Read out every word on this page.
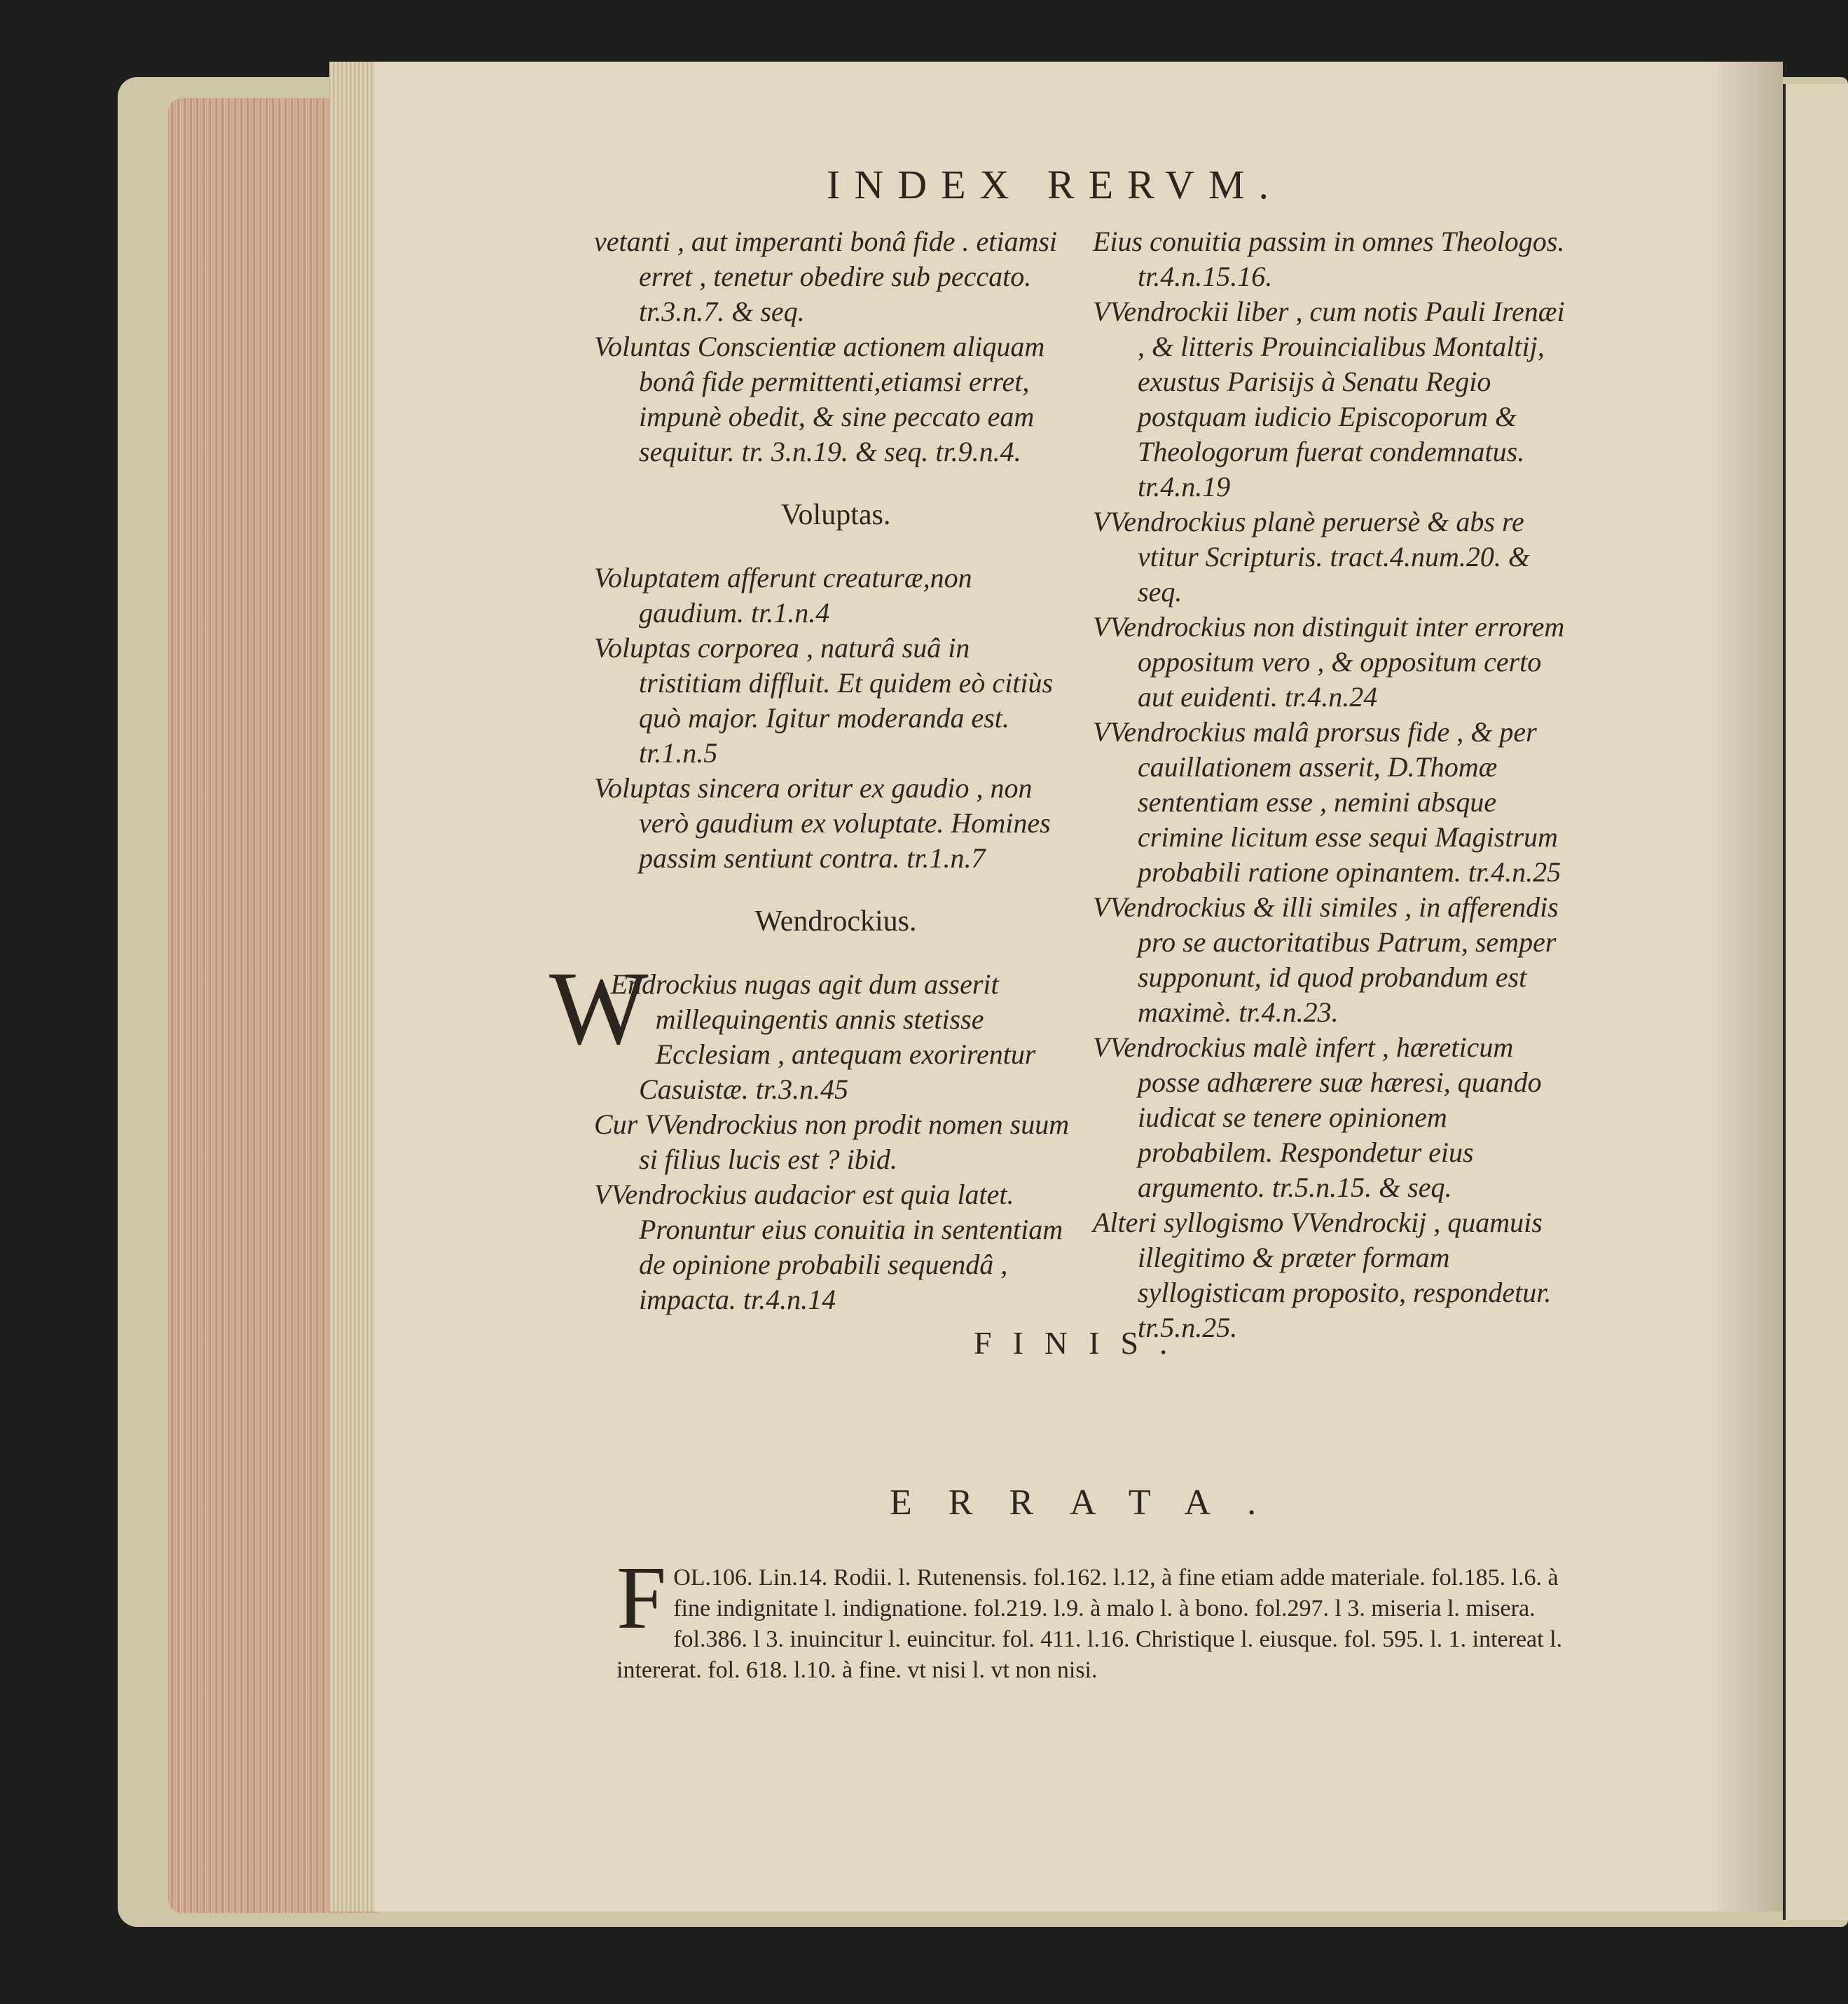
INDEX RERVM.

vetanti , aut imperanti bonâ fide . etiamsi erret , tenetur obedire sub peccato. tr.3.n.7. & seq.

Voluntas Conscientiæ actionem aliquam bonâ fide permittenti,etiamsi erret, impunè obedit, & sine peccato eam sequitur. tr. 3.n.19. & seq. tr.9.n.4.

Voluptas.

Voluptatem afferunt creaturæ,non gaudium. tr.1.n.4

Voluptas corporea , naturâ suâ in tristitiam diffluit. Et quidem eò citiùs quò major. Igitur moderanda est. tr.1.n.5

Voluptas sincera oritur ex gaudio , non verò gaudium ex voluptate. Homines passim sentiunt contra. tr.1.n.7

Wendrockius.

W
Endrockius nugas agit dum asserit millequingentis annis stetisse Ecclesiam , antequam exorirentur Casuistæ. tr.3.n.45

Cur VVendrockius non prodit nomen suum si filius lucis est ? ibid.

VVendrockius audacior est quia latet. Pronuntur eius conuitia in sententiam de opinione probabili sequendâ , impacta. tr.4.n.14

Eius conuitia passim in omnes Theologos. tr.4.n.15.16.

VVendrockii liber , cum notis Pauli Irenæi , & litteris Prouincialibus Montaltij, exustus Parisijs à Senatu Regio postquam iudicio Episcoporum & Theologorum fuerat condemnatus. tr.4.n.19

VVendrockius planè peruersè & abs re vtitur Scripturis. tract.4.num.20. & seq.

VVendrockius non distinguit inter errorem oppositum vero , & oppositum certo aut euidenti. tr.4.n.24

VVendrockius malâ prorsus fide , & per cauillationem asserit, D.Thomæ sententiam esse , nemini absque crimine licitum esse sequi Magistrum probabili ratione opinantem. tr.4.n.25

VVendrockius & illi similes , in afferendis pro se auctoritatibus Patrum, semper supponunt, id quod probandum est maximè. tr.4.n.23.

VVendrockius malè infert , hæreticum posse adhærere suæ hæresi, quando iudicat se tenere opinionem probabilem. Respondetur eius argumento. tr.5.n.15. & seq.

Alteri syllogismo VVendrockij , quamuis illegitimo & præter formam syllogisticam proposito, respondetur. tr.5.n.25.

FINIS.
ERRATA.
F OL.106. Lin.14. Rodii. l. Rutenensis. fol.162. l.12, à fine etiam adde materiale. fol.185. l.6. à fine indignitate l. indignatione. fol.219. l.9. à malo l. à bono. fol.297. l 3. miseria l. misera. fol.386. l 3. inuincitur l. euincitur. fol. 411. l.16. Christique l. eiusque. fol. 595. l. 1. intereat l. intererat. fol. 618. l.10. à fine. vt nisi l. vt non nisi.
